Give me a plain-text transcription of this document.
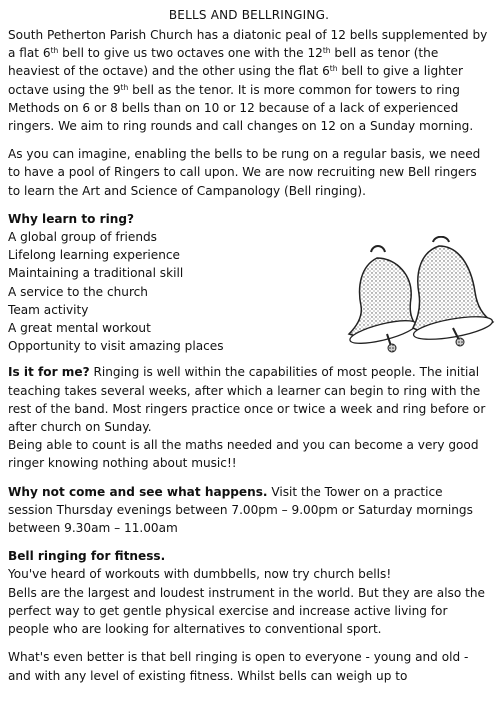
BELLS AND BELLRINGING.

South Petherton Parish Church has a diatonic peal of 12 bells supplemented by a flat 6th bell to give us two octaves one with the 12th bell as tenor (the heaviest of the octave) and the other using the flat 6th bell to give a lighter octave using the 9th bell as the tenor. It is more common for towers to ring Methods on 6 or 8 bells than on 10 or 12 because of a lack of experienced ringers. We aim to ring rounds and call changes on 12 on a Sunday morning.

As you can imagine, enabling the bells to be rung on a regular basis, we need to have a pool of Ringers to call upon. We are now recruiting new Bell ringers to learn the Art and Science of Campanology (Bell ringing).

Why learn to ring?
A global group of friends
Lifelong learning experience
Maintaining a traditional skill
A service to the church
Team activity
A great mental workout
Opportunity to visit amazing places

Is it for me? Ringing is well within the capabilities of most people. The initial teaching takes several weeks, after which a learner can begin to ring with the rest of the band. Most ringers practice once or twice a week and ring before or after church on Sunday.

Being able to count is all the maths needed and you can become a very good ringer knowing nothing about music!!

Why not come and see what happens. Visit the Tower on a practice session Thursday evenings between 7.00pm – 9.00pm or Saturday mornings between 9.30am – 11.00am

Bell ringing for fitness.

You've heard of workouts with dumbbells, now try church bells!

Bells are the largest and loudest instrument in the world. But they are also the perfect way to get gentle physical exercise and increase active living for people who are looking for alternatives to conventional sport.

What's even better is that bell ringing is open to everyone - young and old - and with any level of existing fitness. Whilst bells can weigh up to
